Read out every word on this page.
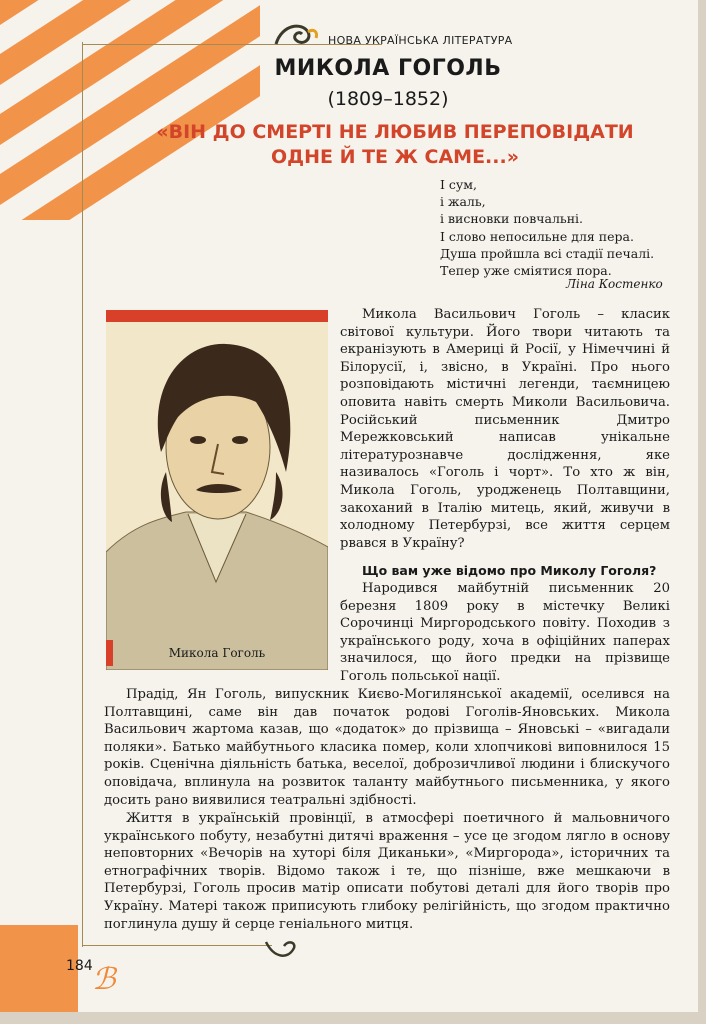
НОВА УКРАЇНСЬКА ЛІТЕРАТУРА
МИКОЛА ГОГОЛЬ
(1809–1852)
«ВІН ДО СМЕРТІ НЕ ЛЮБИВ ПЕРЕПОВІДАТИ
ОДНЕ Й ТЕ Ж САМЕ...»
І сум,
і жаль,
і висновки повчальні.
І слово непосильне для пера.
Душа пройшла всі стадії печалі.
Тепер уже сміятися пора.
Ліна Костенко
Микола Гоголь

Микола Васильович Гоголь – класик світової культури. Його твори читають та екранізують в Америці й Росії, у Німеччині й Білорусії, і, звісно, в Україні. Про нього розповідають містичні легенди, таємницею оповита навіть смерть Миколи Васильовича. Російський письменник Дмитро Мережковський написав унікальне літературознавче дослідження, яке називалось «Гоголь і чорт». То хто ж він, Микола Гоголь, уродженець Полтавщини, закоханий в Італію митець, який, живучи в холодному Петербурзі, все життя серцем рвався в Україну?

Що вам уже відомо про Миколу Гоголя?

Народився майбутній письменник 20 березня 1809 року в містечку Великі Сорочинці Миргородського повіту. Походив з українського роду, хоча в офіційних паперах значилося, що його предки на прізвище Гоголь польської нації.

Прадід, Ян Гоголь, випускник Києво-Могилянської академії, оселився на Полтавщині, саме він дав початок родові Гоголів-Яновських. Микола Васильович жартома казав, що «додаток» до прізвища – Яновські – «вигадали поляки». Батько майбутнього класика помер, коли хлопчикові виповнилося 15 років. Сценічна діяльність батька, веселої, доброзичливої людини і блискучого оповідача, вплинула на розвиток таланту майбутнього письменника, у якого досить рано виявилися театральні здібності.

Життя в українській провінції, в атмосфері поетичного й мальовничого українського побуту, незабутні дитячі враження – усе це згодом лягло в основу неповторних «Вечорів на хуторі біля Диканьки», «Миргорода», історичних та етнографічних творів. Відомо також і те, що пізніше, вже мешкаючи в Петербурзі, Гоголь просив матір описати побутові деталі для його творів про Україну. Матері також приписують глибоку релігійність, що згодом практично поглинула душу й серце геніального митця.

184 ℬ
